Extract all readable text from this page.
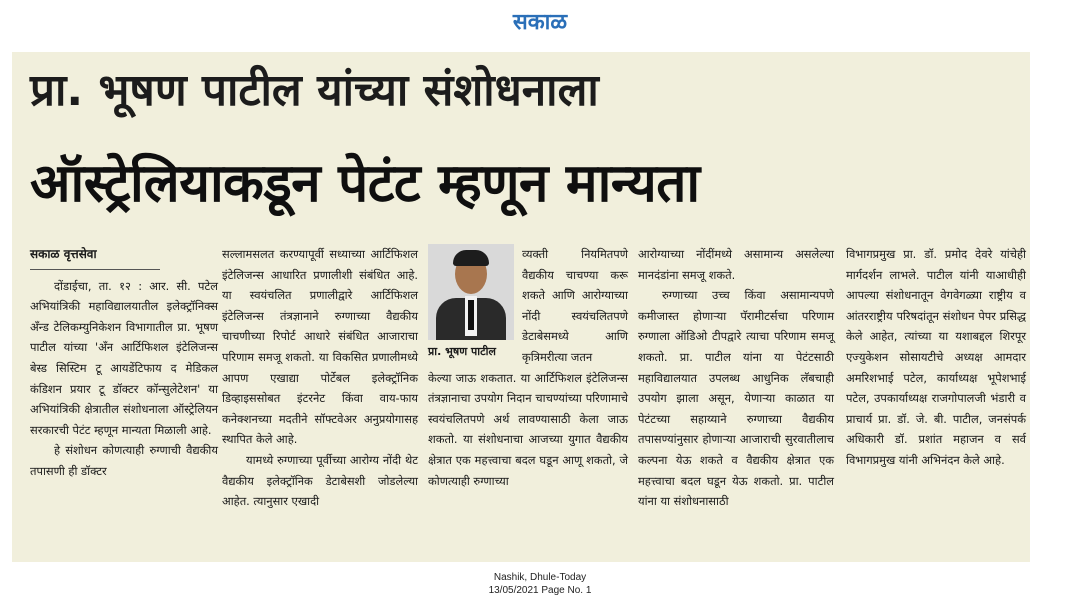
सकाळ
प्रा. भूषण पाटील यांच्या संशोधनाला
ऑस्ट्रेलियाकडून पेटंट म्हणून मान्यता
सकाळ वृत्तसेवा

दोंडाईचा, ता. १२ : आर. सी. पटेल अभियांत्रिकी महाविद्यालयातील इलेक्ट्रॉनिक्स अँन्ड टेलिकम्युनिकेशन विभागातील प्रा. भूषण पाटील यांच्या 'अँन आर्टिफिशल इंटेलिजन्स बेस्ड सिस्टिम टू आयडेंटिफाय द मेडिकल कंडिशन प्रयार टू डॉक्टर कॉन्सुलेटेशन' या अभियांत्रिकी क्षेत्रातील संशोधनाला ऑस्ट्रेलियन सरकारची पेटंट म्हणून मान्यता मिळाली आहे.

हे संशोधन कोणत्याही रुग्णाची वैद्यकीय तपासणी ही डॉक्टर

सल्लामसलत करण्यापूर्वी सध्याच्या आर्टिफिशल इंटेलिजन्स आधारित प्रणालीशी संबंधित आहे. या स्वयंचलित प्रणालीद्वारे आर्टिफिशल इंटेलिजन्स तंत्रज्ञानाने रुग्णाच्या वैद्यकीय चाचणीच्या रिपोर्ट आधारे संबंधित आजाराचा परिणाम समजू शकतो. या विकसित प्रणालीमध्ये आपण एखाद्या पोर्टेबल इलेक्ट्रॉनिक डिव्हाइससोबत इंटरनेट किंवा वाय-फाय कनेक्शनच्या मदतीने सॉफ्टवेअर अनुप्रयोगासह स्थापित केले आहे.

यामध्ये रुग्णाच्या पूर्वीच्या आरोग्य नोंदी थेट वैद्यकीय इलेक्ट्रॉनिक डेटाबेसशी जोडलेल्या आहेत. त्यानुसार एखादी

प्रा. भूषण पाटील

व्यक्ती नियमितपणे वैद्यकीय चाचण्या करू शकते आणि आरोग्याच्या नोंदी स्वयंचलितपणे डेटाबेसमध्ये आणि कृत्रिमरीत्या जतन

केल्या जाऊ शकतात. या आर्टिफिशल इंटेलिजन्स तंत्रज्ञानाचा उपयोग निदान चाचण्यांच्या परिणामाचे स्वयंचलितपणे अर्थ लावण्यासाठी केला जाऊ शकतो. या संशोधनाचा आजच्या युगात वैद्यकीय क्षेत्रात एक महत्त्वाचा बदल घडून आणू शकतो, जे कोणत्याही रुग्णाच्या

आरोग्याच्या नोंदींमध्ये असामान्य असलेल्या मानदंडांना समजू शकते.

रुग्णाच्या उच्च किंवा असामान्यपणे कमीजास्त होणाऱ्या पॅरामीटर्सचा परिणाम रुग्णाला ऑडिओ टीपद्वारे त्याचा परिणाम समजू शकतो. प्रा. पाटील यांना या पेटंटसाठी महाविद्यालयात उपलब्ध आधुनिक लॅबचाही उपयोग झाला असून, येणाऱ्या काळात या पेटंटच्या सहाय्याने रुग्णाच्या वैद्यकीय तपासण्यांनुसार होणाऱ्या आजाराची सुरवातीलाच कल्पना येऊ शकते व वैद्यकीय क्षेत्रात एक महत्त्वाचा बदल घडून येऊ शकतो. प्रा. पाटील यांना या संशोधनासाठी

विभागप्रमुख प्रा. डॉ. प्रमोद देवरे यांचेही मार्गदर्शन लाभले. पाटील यांनी याआधीही आपल्या संशोधनातून वेगवेगळ्या राष्ट्रीय व आंतरराष्ट्रीय परिषदांतून संशोधन पेपर प्रसिद्ध केले आहेत, त्यांच्या या यशाबद्दल शिरपूर एज्युकेशन सोसायटीचे अध्यक्ष आमदार अमरिशभाई पटेल, कार्याध्यक्ष भूपेशभाई पटेल, उपकार्याध्यक्ष राजगोपालजी भंडारी व प्राचार्य प्रा. डॉ. जे. बी. पाटील, जनसंपर्क अधिकारी डॉ. प्रशांत महाजन व सर्व विभागप्रमुख यांनी अभिनंदन केले आहे.

Nashik, Dhule-Today
13/05/2021 Page No. 1
